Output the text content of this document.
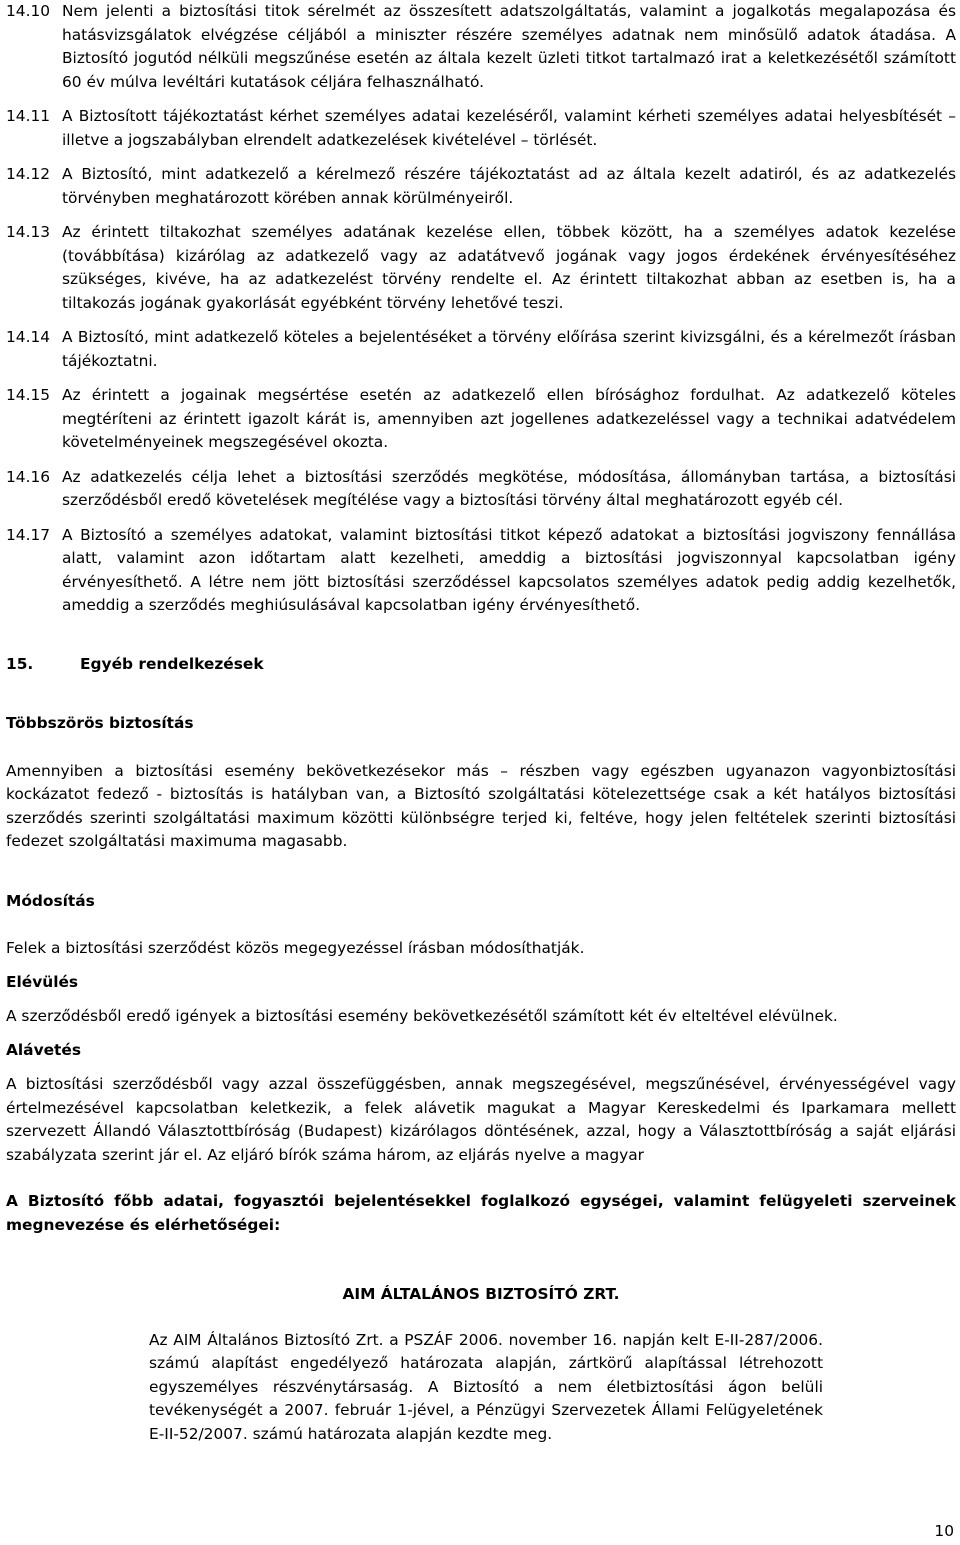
14.10 Nem jelenti a biztosítási titok sérelmét az összesített adatszolgáltatás, valamint a jogalkotás megalapozása és hatásvizsgálatok elvégzése céljából a miniszter részére személyes adatnak nem minősülő adatok átadása. A Biztosító jogutód nélküli megszűnése esetén az általa kezelt üzleti titkot tartalmazó irat a keletkezésétől számított 60 év múlva levéltári kutatások céljára felhasználható.
14.11 A Biztosított tájékoztatást kérhet személyes adatai kezeléséről, valamint kérheti személyes adatai helyesbítését – illetve a jogszabályban elrendelt adatkezelések kivételével – törlését.
14.12 A Biztosító, mint adatkezelő a kérelmező részére tájékoztatást ad az általa kezelt adatiról, és az adatkezelés törvényben meghatározott körében annak körülményeiről.
14.13 Az érintett tiltakozhat személyes adatának kezelése ellen, többek között, ha a személyes adatok kezelése (továbbítása) kizárólag az adatkezelő vagy az adatátvevő jogának vagy jogos érdekének érvényesítéséhez szükséges, kivéve, ha az adatkezelést törvény rendelte el. Az érintett tiltakozhat abban az esetben is, ha a tiltakozás jogának gyakorlását egyébként törvény lehetővé teszi.
14.14 A Biztosító, mint adatkezelő köteles a bejelentéséket a törvény előírása szerint kivizsgálni, és a kérelmezőt írásban tájékoztatni.
14.15 Az érintett a jogainak megsértése esetén az adatkezelő ellen bírósághoz fordulhat. Az adatkezelő köteles megtéríteni az érintett igazolt kárát is, amennyiben azt jogellenes adatkezeléssel vagy a technikai adatvédelem követelményeinek megszegésével okozta.
14.16 Az adatkezelés célja lehet a biztosítási szerződés megkötése, módosítása, állományban tartása, a biztosítási szerződésből eredő követelések megítélése vagy a biztosítási törvény által meghatározott egyéb cél.
14.17 A Biztosító a személyes adatokat, valamint biztosítási titkot képező adatokat a biztosítási jogviszony fennállása alatt, valamint azon időtartam alatt kezelheti, ameddig a biztosítási jogviszonnyal kapcsolatban igény érvényesíthető. A létre nem jött biztosítási szerződéssel kapcsolatos személyes adatok pedig addig kezelhetők, ameddig a szerződés meghiúsulásával kapcsolatban igény érvényesíthető.
15.	Egyéb rendelkezések

Többszörös biztosítás

Amennyiben a biztosítási esemény bekövetkezésekor más – részben vagy egészben ugyanazon vagyonbiztosítási kockázatot fedező - biztosítás is hatályban van, a Biztosító szolgáltatási kötelezettsége csak a két hatályos biztosítási szerződés szerinti szolgáltatási maximum közötti különbségre terjed ki, feltéve, hogy jelen feltételek szerinti biztosítási fedezet szolgáltatási maximuma magasabb.

Módosítás

Felek a biztosítási szerződést közös megegyezéssel írásban módosíthatják.

Elévülés

A szerződésből eredő igények a biztosítási esemény bekövetkezésétől számított két év elteltével elévülnek.

Alávetés

A biztosítási szerződésből vagy azzal összefüggésben, annak megszegésével, megszűnésével, érvényességével vagy értelmezésével kapcsolatban keletkezik, a felek alávetik magukat a Magyar Kereskedelmi és Iparkamara mellett szervezett Állandó Választottbíróság (Budapest) kizárólagos döntésének, azzal, hogy a Választottbíróság a saját eljárási szabályzata szerint jár el. Az eljáró bírók száma három, az eljárás nyelve a magyar

A Biztosító főbb adatai, fogyasztói bejelentésekkel foglalkozó egységei, valamint felügyeleti szerveinek megnevezése és elérhetőségei:

AIM ÁLTALÁNOS BIZTOSÍTÓ ZRT.

Az AIM Általános Biztosító Zrt. a PSZÁF 2006. november 16. napján kelt E-II-287/2006. számú alapítást engedélyező határozata alapján, zártkörű alapítással létrehozott egyszemélyes részvénytársaság. A Biztosító a nem életbiztosítási ágon belüli tevékenységét a 2007. február 1-jével, a Pénzügyi Szervezetek Állami Felügyeletének E-II-52/2007. számú határozata alapján kezdte meg.

10
